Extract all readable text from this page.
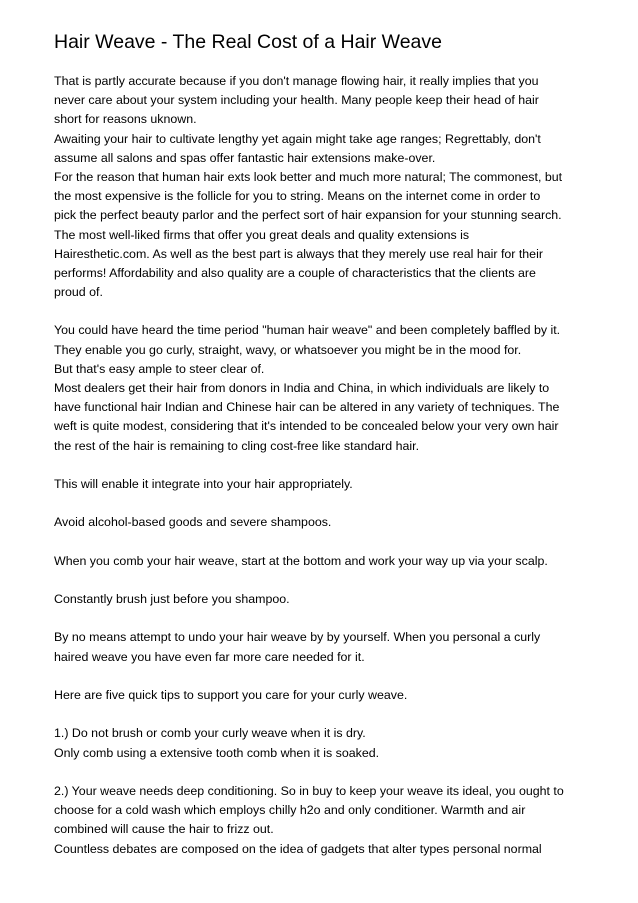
Hair Weave - The Real Cost of a Hair Weave
That is partly accurate because if you don't manage flowing hair, it really implies that you
never care about your system including your health. Many people keep their head of hair
short for reasons uknown.
Awaiting your hair to cultivate lengthy yet again might take age ranges; Regrettably, don't
assume all salons and spas offer fantastic hair extensions make-over.
For the reason that human hair exts look better and much more natural; The commonest, but
the most expensive is the follicle for you to string. Means on the internet come in order to
pick the perfect beauty parlor and the perfect sort of hair expansion for your stunning search.
The most well-liked firms that offer you great deals and quality extensions is
Hairesthetic.com. As well as the best part is always that they merely use real hair for their
performs! Affordability and also quality are a couple of characteristics that the clients are
proud of.
You could have heard the time period "human hair weave" and been completely baffled by it.
They enable you go curly, straight, wavy, or whatsoever you might be in the mood for.
But that's easy ample to steer clear of.
Most dealers get their hair from donors in India and China, in which individuals are likely to
have functional hair Indian and Chinese hair can be altered in any variety of techniques. The
weft is quite modest, considering that it's intended to be concealed below your very own hair
the rest of the hair is remaining to cling cost-free like standard hair.
This will enable it integrate into your hair appropriately.
Avoid alcohol-based goods and severe shampoos.
When you comb your hair weave, start at the bottom and work your way up via your scalp.
Constantly brush just before you shampoo.
By no means attempt to undo your hair weave by by yourself. When you personal a curly
haired weave you have even far more care needed for it.
Here are five quick tips to support you care for your curly weave.
1.) Do not brush or comb your curly weave when it is dry.
Only comb using a extensive tooth comb when it is soaked.
2.) Your weave needs deep conditioning. So in buy to keep your weave its ideal, you ought to
choose for a cold wash which employs chilly h2o and only conditioner. Warmth and air
combined will cause the hair to frizz out.
Countless debates are composed on the idea of gadgets that alter types personal normal
